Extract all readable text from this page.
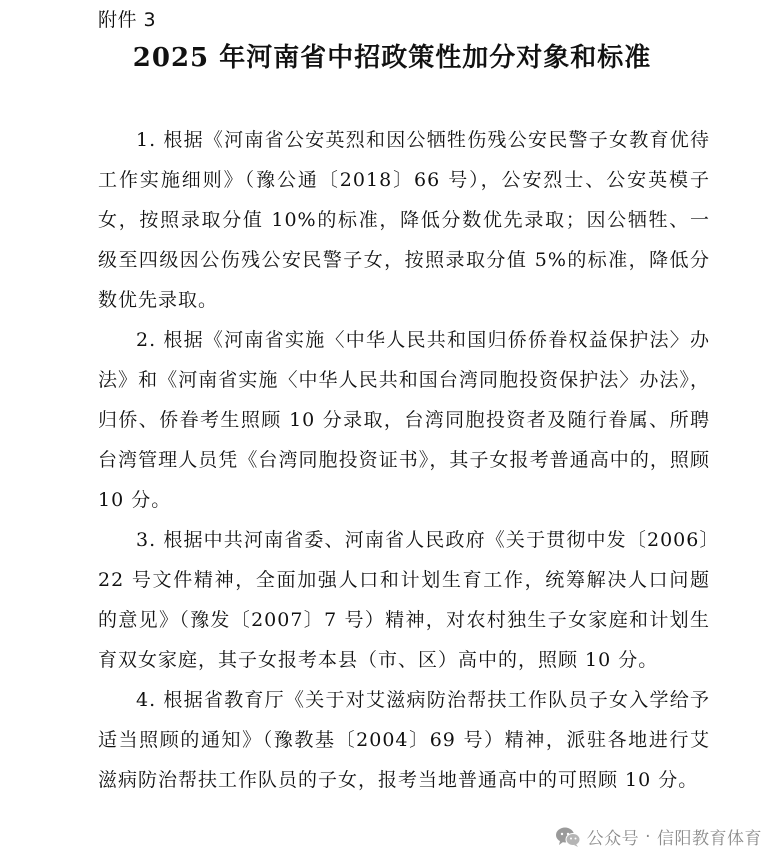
附件 3
2025 年河南省中招政策性加分对象和标准

1. 根据《河南省公安英烈和因公牺牲伤残公安民警子女教育优待工作实施细则》（豫公通〔2018〕66 号），公安烈士、公安英模子女，按照录取分值 10%的标准，降低分数优先录取；因公牺牲、一级至四级因公伤残公安民警子女，按照录取分值 5%的标准，降低分数优先录取。

2. 根据《河南省实施〈中华人民共和国归侨侨眷权益保护法〉办法》和《河南省实施〈中华人民共和国台湾同胞投资保护法〉办法》，归侨、侨眷考生照顾 10 分录取，台湾同胞投资者及随行眷属、所聘台湾管理人员凭《台湾同胞投资证书》，其子女报考普通高中的，照顾 10 分。

3. 根据中共河南省委、河南省人民政府《关于贯彻中发〔2006〕22 号文件精神，全面加强人口和计划生育工作，统筹解决人口问题的意见》（豫发〔2007〕7 号）精神，对农村独生子女家庭和计划生育双女家庭，其子女报考本县（市、区）高中的，照顾 10 分。

4. 根据省教育厅《关于对艾滋病防治帮扶工作队员子女入学给予适当照顾的通知》（豫教基〔2004〕69 号）精神，派驻各地进行艾滋病防治帮扶工作队员的子女，报考当地普通高中的可照顾 10 分。

公众号 · 信阳教育体育
